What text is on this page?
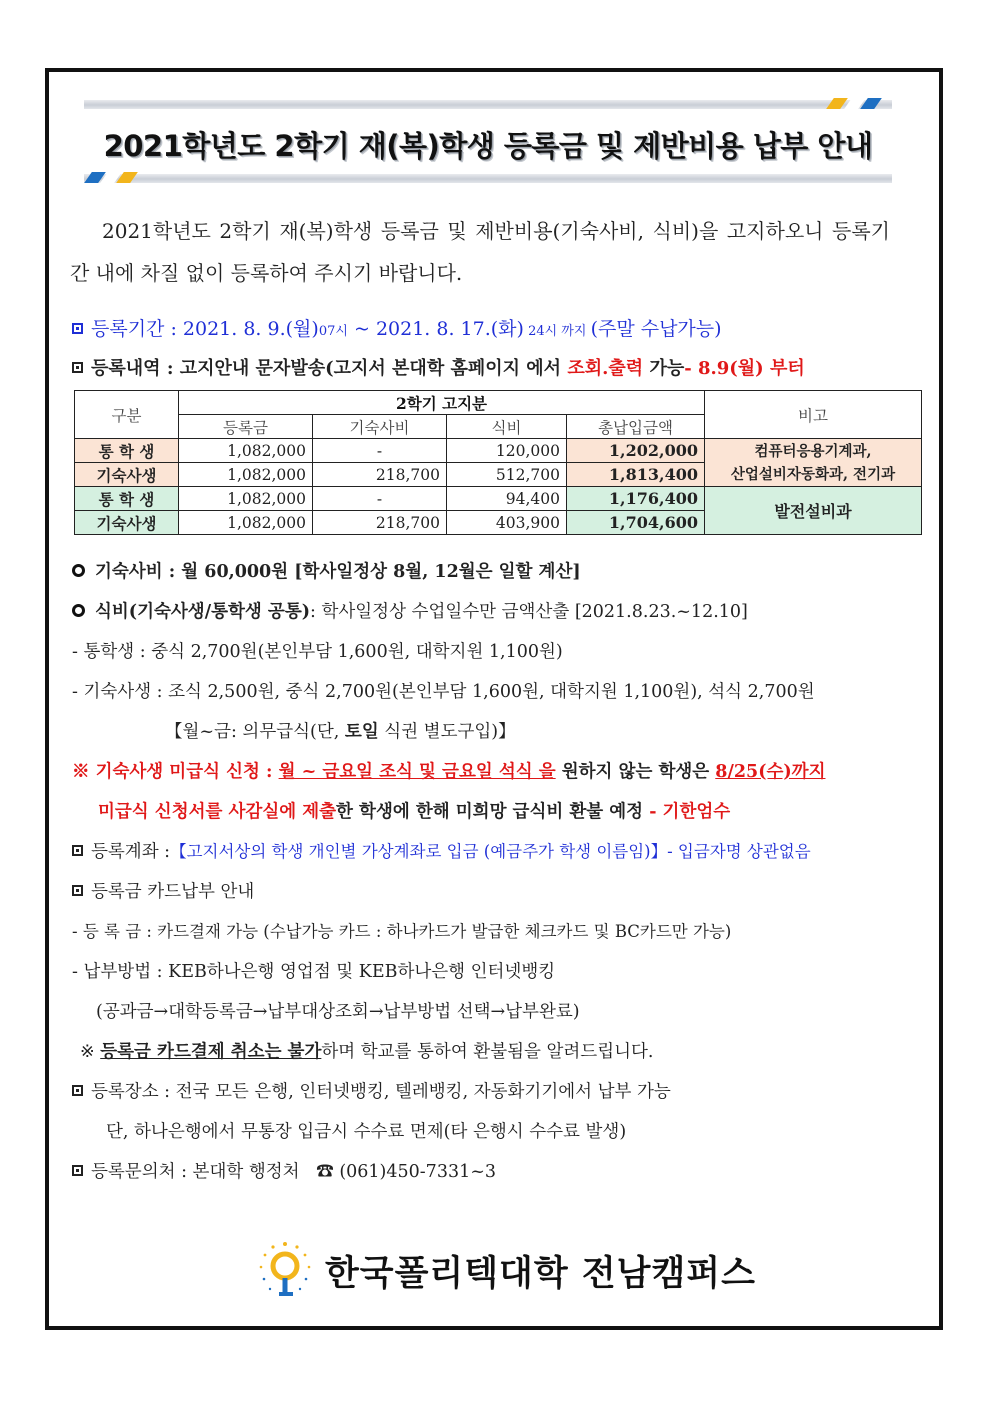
2021학년도 2학기 재(복)학생 등록금 및 제반비용 납부 안내
2021학년도 2학기 재(복)학생 등록금 및 제반비용(기숙사비, 식비)을 고지하오니 등록기간 내에 차질 없이 등록하여 주시기 바랍니다.
등록기간 : 2021. 8. 9.(월)07시 ~ 2021. 8. 17.(화) 24시 까지 (주말 수납가능)
등록내역 : 고지안내 문자발송(고지서 본대학 홈페이지 에서 조회.출력 가능- 8.9(월) 부터
구분	2학기 고지분				비고
	등록금	기숙사비	식비	총납입금액	
통 학 생	1,082,000	-	120,000	1,202,000	컴퓨터응용기계과,
산업설비자동화과, 전기과

기숙사생	1,082,000	218,700	512,700	1,813,400	
통 학 생	1,082,000	-	94,400	1,176,400	발전설비과
기숙사생	1,082,000	218,700	403,900	1,704,600	
기숙사비 : 월 60,000원 [학사일정상 8월, 12월은 일할 계산]
식비(기숙사생/통학생 공통): 학사일정상 수업일수만 금액산출 [2021.8.23.~12.10]
- 통학생 : 중식 2,700원(본인부담 1,600원, 대학지원 1,100원)
- 기숙사생 : 조식 2,500원, 중식 2,700원(본인부담 1,600원, 대학지원 1,100원), 석식 2,700원
【월~금: 의무급식(단, 토일 식권 별도구입)】
※ 기숙사생 미급식 신청 : 월 ~ 금요일 조식 및 금요일 석식 을 원하지 않는 학생은 8/25(수)까지
미급식 신청서를 사감실에 제출한 학생에 한해 미희망 급식비 환불 예정 - 기한엄수
등록계좌 :【고지서상의 학생 개인별 가상계좌로 입금 (예금주가 학생 이름임)】- 입금자명 상관없음
등록금 카드납부 안내
- 등 록 금 : 카드결재 가능 (수납가능 카드 : 하나카드가 발급한 체크카드 및 BC카드만 가능)
- 납부방법 : KEB하나은행 영업점 및 KEB하나은행 인터넷뱅킹
(공과금→대학등록금→납부대상조회→납부방법 선택→납부완료)
※ 등록금 카드결제 취소는 불가하며 학교를 통하여 환불됨을 알려드립니다.
등록장소 : 전국 모든 은행, 인터넷뱅킹, 텔레뱅킹, 자동화기기에서 납부 가능
단, 하나은행에서 무통장 입금시 수수료 면제(타 은행시 수수료 발생)
등록문의처 : 본대학 행정처 ☎ (061)450-7331~3
한국폴리텍대학 전남캠퍼스
